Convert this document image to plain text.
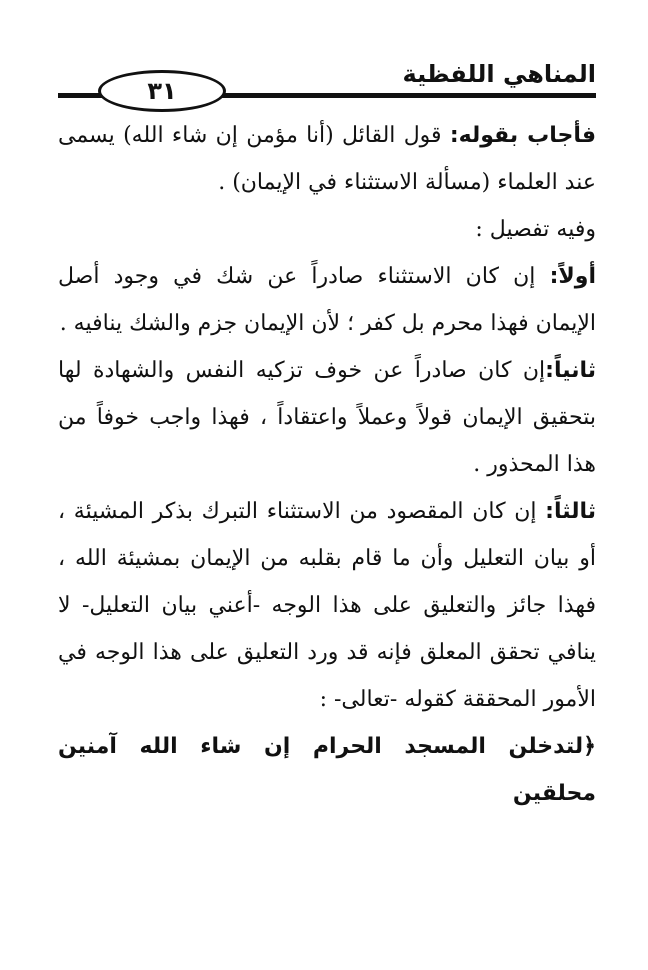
المناهي اللفظية
٣١

فأجاب بقوله: قول القائل (أنا مؤمن إن شاء الله) يسمى عند العلماء (مسألة الاستثناء في الإيمان) .

وفيه تفصيل :

أولاً: إن كان الاستثناء صادراً عن شك في وجود أصل الإيمان فهذا محرم بل كفر ؛ لأن الإيمان جزم والشك ينافيه .

ثانياً:إن كان صادراً عن خوف تزكيه النفس والشهادة لها بتحقيق الإيمان قولاً وعملاً واعتقاداً ، فهذا واجب خوفاً من هذا المحذور .

ثالثاً: إن كان المقصود من الاستثناء التبرك بذكر المشيئة ، أو بيان التعليل وأن ما قام بقلبه من الإيمان بمشيئة الله ، فهذا جائز والتعليق على هذا الوجه -أعني بيان التعليل- لا ينافي تحقق المعلق فإنه قد ورد التعليق على هذا الوجه في الأمور المحققة كقوله -تعالى- :

﴿لتدخلن المسجد الحرام إن شاء الله آمنين محلقين
